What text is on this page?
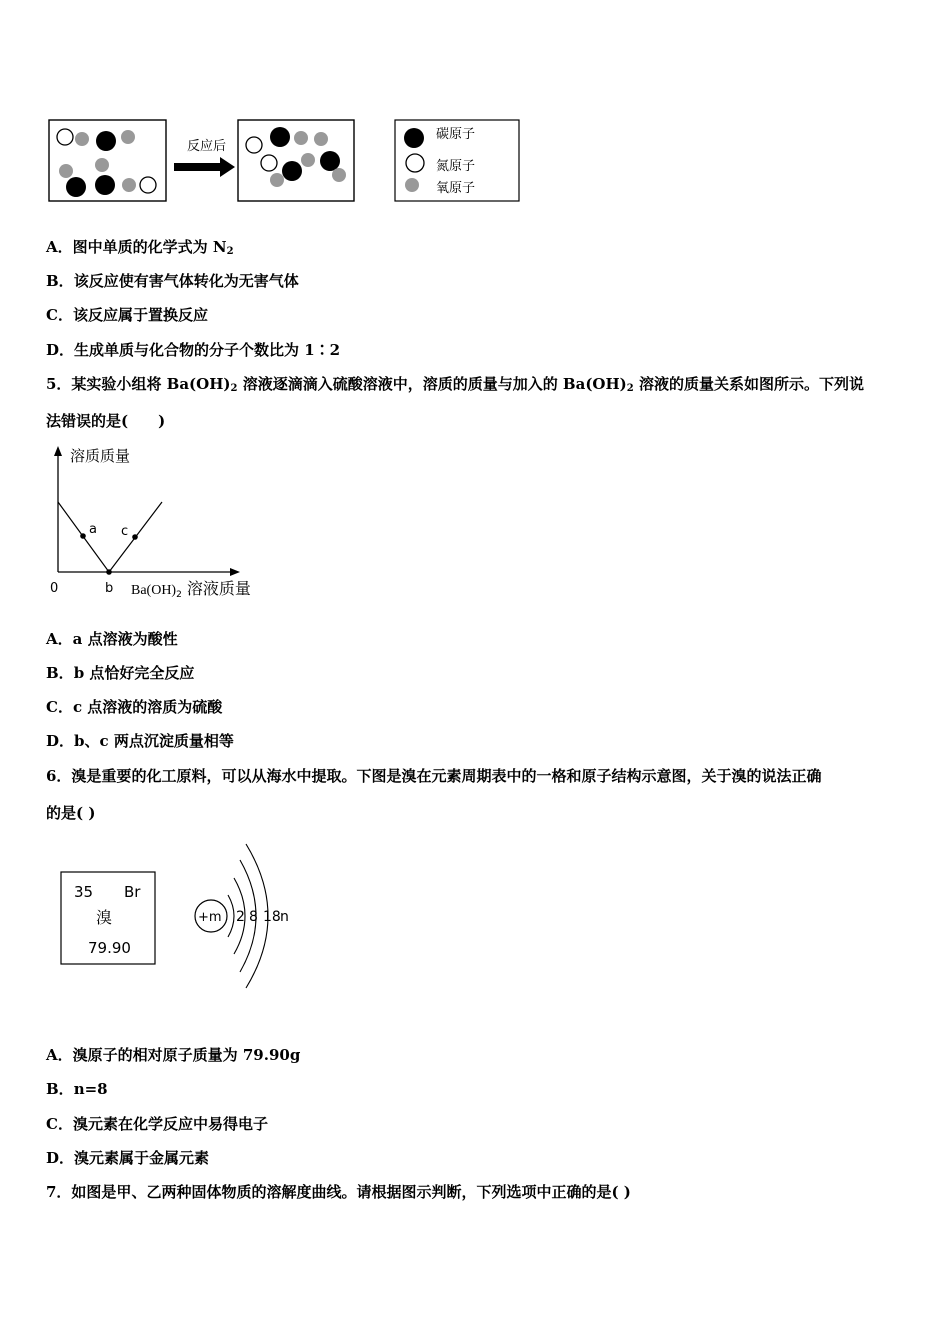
反应后
碳原子
氮原子
氧原子
A．图中单质的化学式为 $N_2$
B．该反应使有害气体转化为无害气体
C．该反应属于置换反应
D．生成单质与化合物的分子个数比为 1∶2
5．某实验小组将 $Ba(OH)_2$ 溶液逐滴滴入硫酸溶液中，溶质的质量与加入的 $Ba(OH)_2$ 溶液的质量关系如图所示。下列说
法错误的是(　　)
溶质质量
0
a
b
c
$Ba(OH)_2$ 溶液质量
A．a 点溶液为酸性
B．b 点恰好完全反应
C．c 点溶液的溶质为硫酸
D．b、c 两点沉淀质量相等
6．溴是重要的化工原料，可以从海水中提取。下图是溴在元素周期表中的一格和原子结构示意图，关于溴的说法正确
的是( )
35 Br
溴
79.90
+m 2 8 18 n
A．溴原子的相对原子质量为 79.90g
B．n=8
C．溴元素在化学反应中易得电子
D．溴元素属于金属元素
7．如图是甲、乙两种固体物质的溶解度曲线。请根据图示判断，下列选项中正确的是( )
